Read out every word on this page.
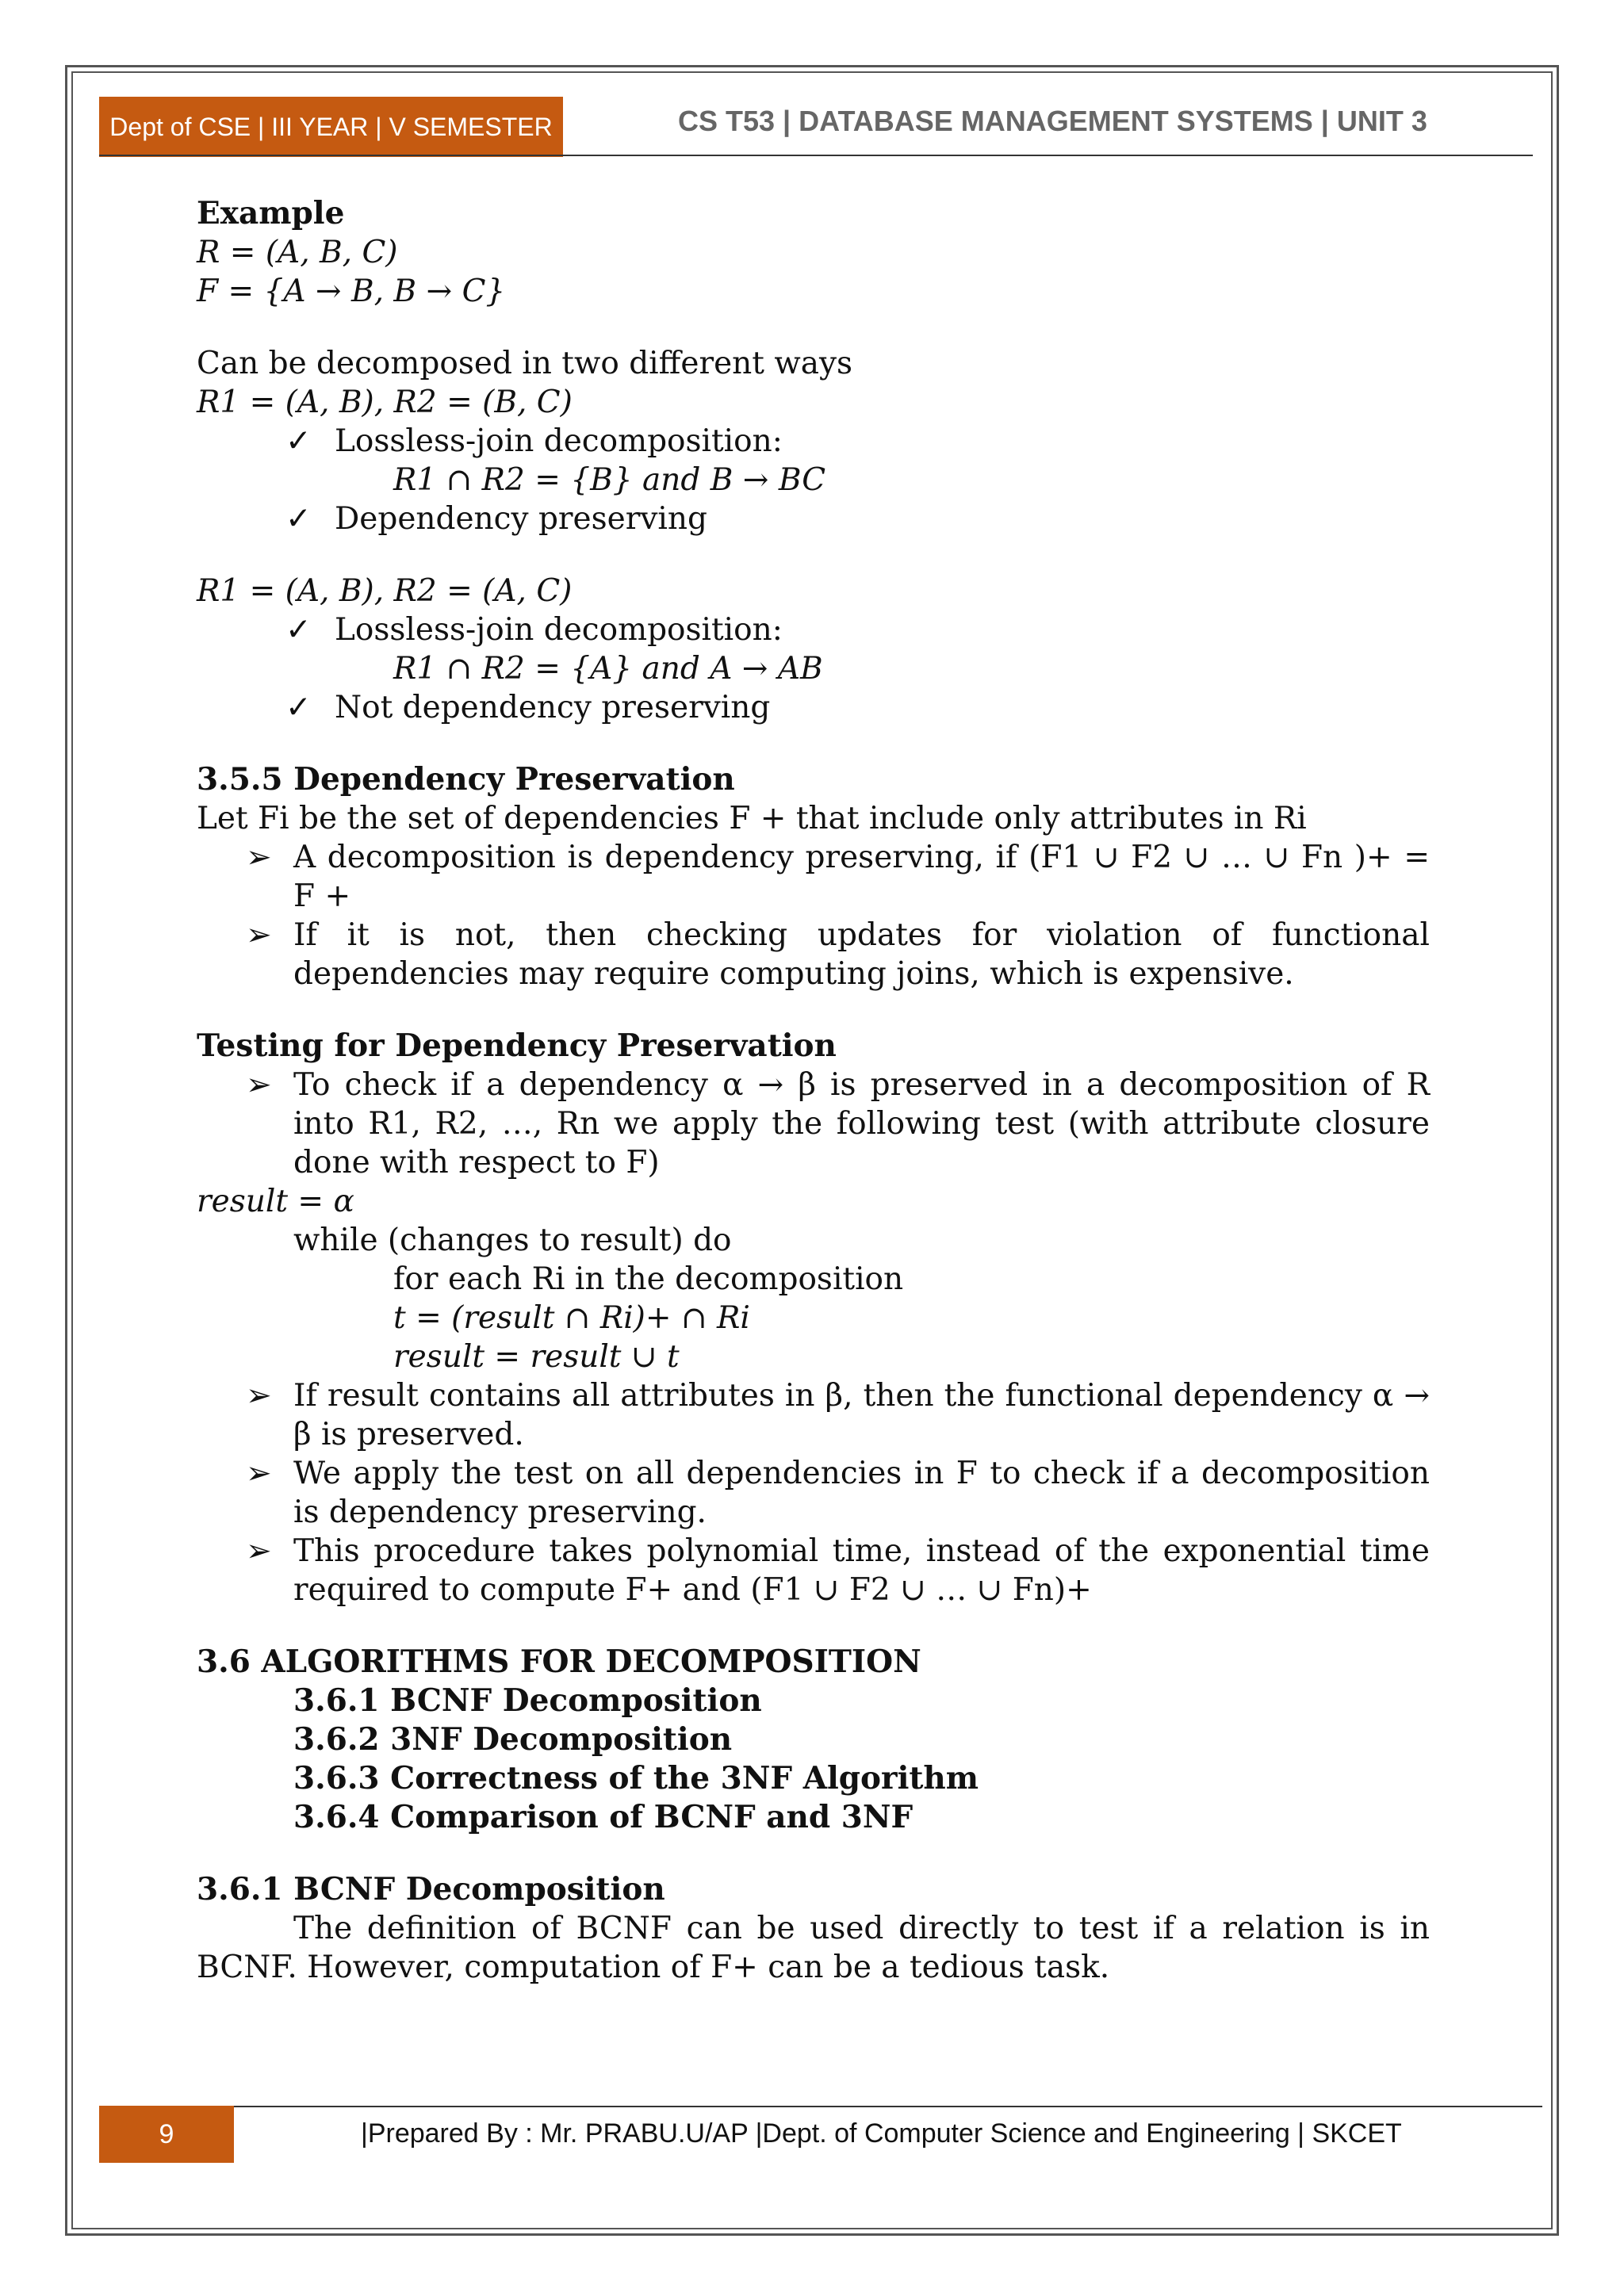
Dept of CSE | III YEAR | V SEMESTER	CS T53 | DATABASE MANAGEMENT SYSTEMS | UNIT 3
Example
R = (A, B, C)
F = {A → B, B → C}
Can be decomposed in two different ways
R1 = (A, B), R2 = (B, C)
✓ Lossless-join decomposition:
R1 ∩ R2 = {B} and B → BC
✓ Dependency preserving
R1 = (A, B), R2 = (A, C)
✓ Lossless-join decomposition:
R1 ∩ R2 = {A} and A → AB
✓ Not dependency preserving
3.5.5 Dependency Preservation
Let Fi be the set of dependencies F + that include only attributes in Ri
➢ A decomposition is dependency preserving, if (F1 ∪ F2 ∪ … ∪ Fn )+ = F +
➢ If it is not, then checking updates for violation of functional dependencies may require computing joins, which is expensive.
Testing for Dependency Preservation
➢ To check if a dependency α → β is preserved in a decomposition of R into R1, R2, …, Rn we apply the following test (with attribute closure done with respect to F)
result = α
while (changes to result) do
for each Ri in the decomposition
t = (result ∩ Ri)+ ∩ Ri
result = result ∪ t
➢ If result contains all attributes in β, then the functional dependency α → β is preserved.
➢ We apply the test on all dependencies in F to check if a decomposition is dependency preserving.
➢ This procedure takes polynomial time, instead of the exponential time required to compute F+ and (F1 ∪ F2 ∪ … ∪ Fn)+
3.6 ALGORITHMS FOR DECOMPOSITION
3.6.1 BCNF Decomposition
3.6.2 3NF Decomposition
3.6.3 Correctness of the 3NF Algorithm
3.6.4 Comparison of BCNF and 3NF
3.6.1 BCNF Decomposition
The definition of BCNF can be used directly to test if a relation is in BCNF. However, computation of F+ can be a tedious task.
9	|Prepared By : Mr. PRABU.U/AP |Dept. of Computer Science and Engineering | SKCET
